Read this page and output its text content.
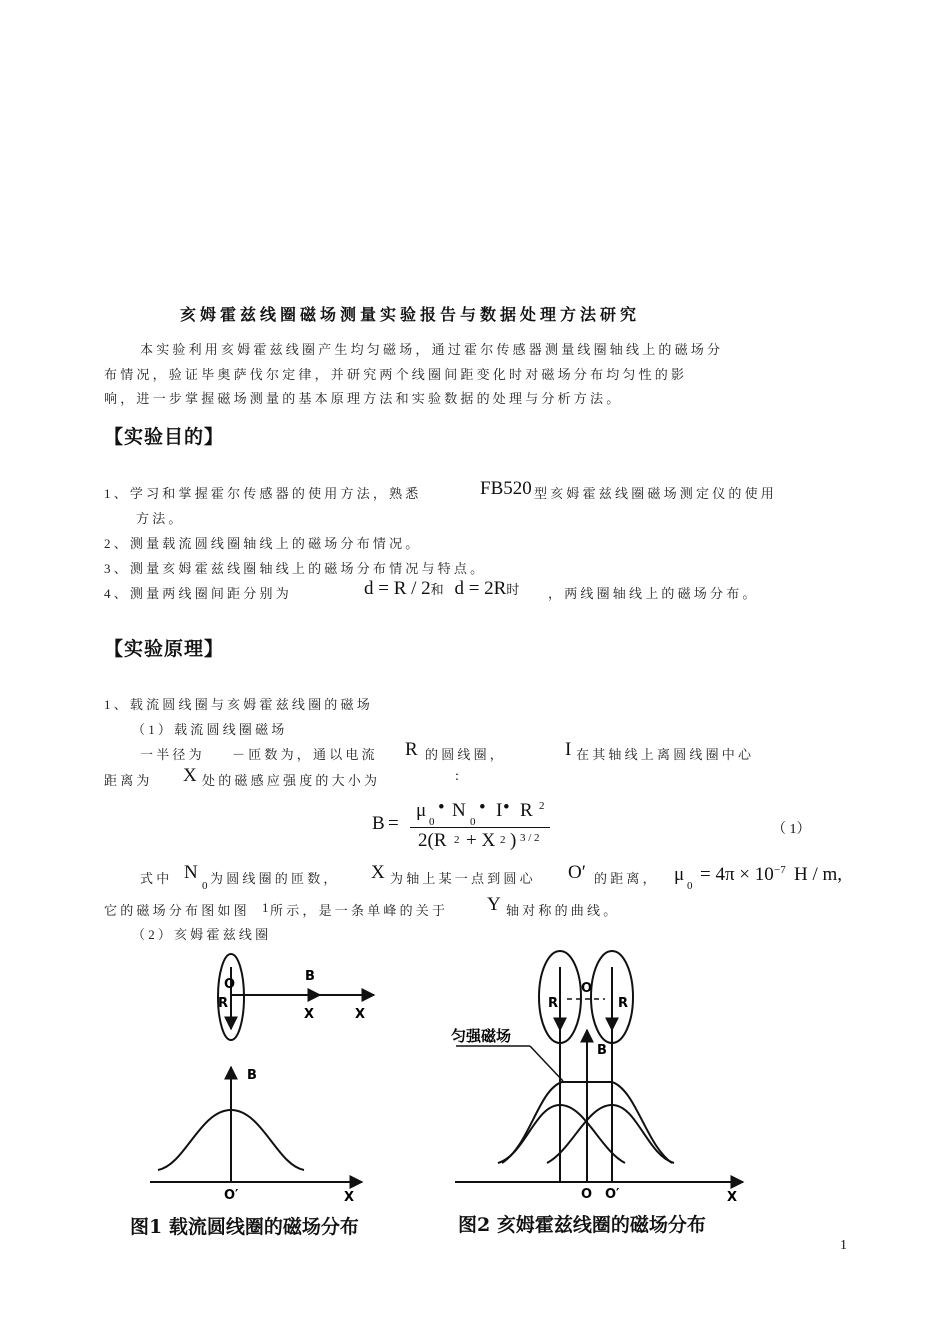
亥姆霍兹线圈磁场测量实验报告与数据处理方法研究
本实验利用亥姆霍兹线圈产生均匀磁场，通过霍尔传感器测量线圈轴线上的磁场分
布情况，验证毕奥萨伐尔定律，并研究两个线圈间距变化时对磁场分布均匀性的影
响，进一步掌握磁场测量的基本原理方法和实验数据的处理与分析方法。
【实验目的】
1、学习和掌握霍尔传感器的使用方法，熟悉	FB520 型亥姆霍兹线圈磁场测定仪的使用
方法。
2、测量载流圆线圈轴线上的磁场分布情况。
3、测量亥姆霍兹线圈轴线上的磁场分布情况与特点。
4、测量两线圈间距分别为	d = R / 2和 d = 2R时 ，两线圈轴线上的磁场分布。
【实验原理】
1、载流圆线圈与亥姆霍兹线圈的磁场
（1）载流圆线圈磁场
一半径为 －匝数为，通以电流 R 的圆线圈，	I 在其轴线上离圆线圈中心
距离为 X 处的磁感应强度的大小为	:
B =
μ
0
• N
0
• I • R 2
2(R 2 + X 2 ) 3 / 2
（ 1）
式中 N
0 为圆线圈的匝数， X 为轴上某一点到圆心 O′ 的距离， μ
0
= 4π × 10 −7 H / m,
它的磁场分布图如图 1
所示，是一条单峰的关于 Y 轴对称的曲线。
（2）亥姆霍兹线圈
O
R
B
X	X
B
O′	X
图1 载流圆线圈的磁场分布
R	R
O
B
匀强磁场
O O′	X
图2 亥姆霍兹线圈的磁场分布
1
